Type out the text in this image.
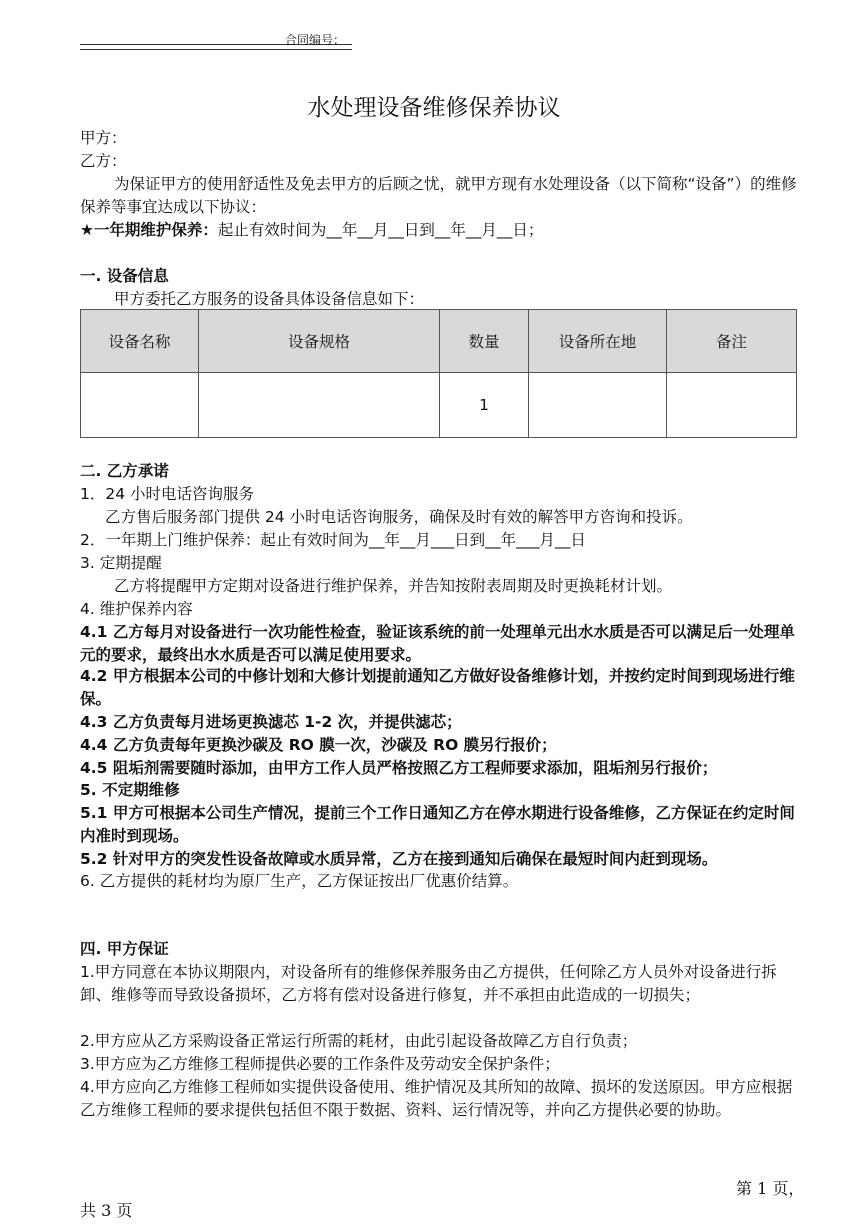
合同编号：
水处理设备维修保养协议
甲方：
乙方：
为保证甲方的使用舒适性及免去甲方的后顾之忧，就甲方现有水处理设备（以下简称“设备”）的维修保养等事宜达成以下协议：
★一年期维护保养：起止有效时间为__年__月__日到__年__月__日；
一. 设备信息
甲方委托乙方服务的设备具体设备信息如下：
设备名称	设备规格	数量	设备所在地	备注
		1		
二. 乙方承诺
1．24 小时电话咨询服务
乙方售后服务部门提供 24 小时电话咨询服务，确保及时有效的解答甲方咨询和投诉。
2．一年期上门维护保养：起止有效时间为__年__月___日到__年___月__日
3. 定期提醒
乙方将提醒甲方定期对设备进行维护保养，并告知按附表周期及时更换耗材计划。
4. 维护保养内容
4.1 乙方每月对设备进行一次功能性检查，验证该系统的前一处理单元出水水质是否可以满足后一处理单元的要求，最终出水水质是否可以满足使用要求。
4.2 甲方根据本公司的中修计划和大修计划提前通知乙方做好设备维修计划，并按约定时间到现场进行维保。
4.3 乙方负责每月进场更换滤芯 1-2 次，并提供滤芯；
4.4 乙方负责每年更换沙碳及 RO 膜一次，沙碳及 RO 膜另行报价；
4.5 阻垢剂需要随时添加，由甲方工作人员严格按照乙方工程师要求添加，阻垢剂另行报价；
5. 不定期维修
5.1 甲方可根据本公司生产情况，提前三个工作日通知乙方在停水期进行设备维修，乙方保证在约定时间内准时到现场。
5.2 针对甲方的突发性设备故障或水质异常，乙方在接到通知后确保在最短时间内赶到现场。
6. 乙方提供的耗材均为原厂生产，乙方保证按出厂优惠价结算。
四. 甲方保证
1.甲方同意在本协议期限内，对设备所有的维修保养服务由乙方提供，任何除乙方人员外对设备进行拆卸、维修等而导致设备损坏，乙方将有偿对设备进行修复，并不承担由此造成的一切损失；
2.甲方应从乙方采购设备正常运行所需的耗材，由此引起设备故障乙方自行负责；
3.甲方应为乙方维修工程师提供必要的工作条件及劳动安全保护条件；
4.甲方应向乙方维修工程师如实提供设备使用、维护情况及其所知的故障、损坏的发送原因。甲方应根据乙方维修工程师的要求提供包括但不限于数据、资料、运行情况等，并向乙方提供必要的协助。
第 1 页，
共 3 页
